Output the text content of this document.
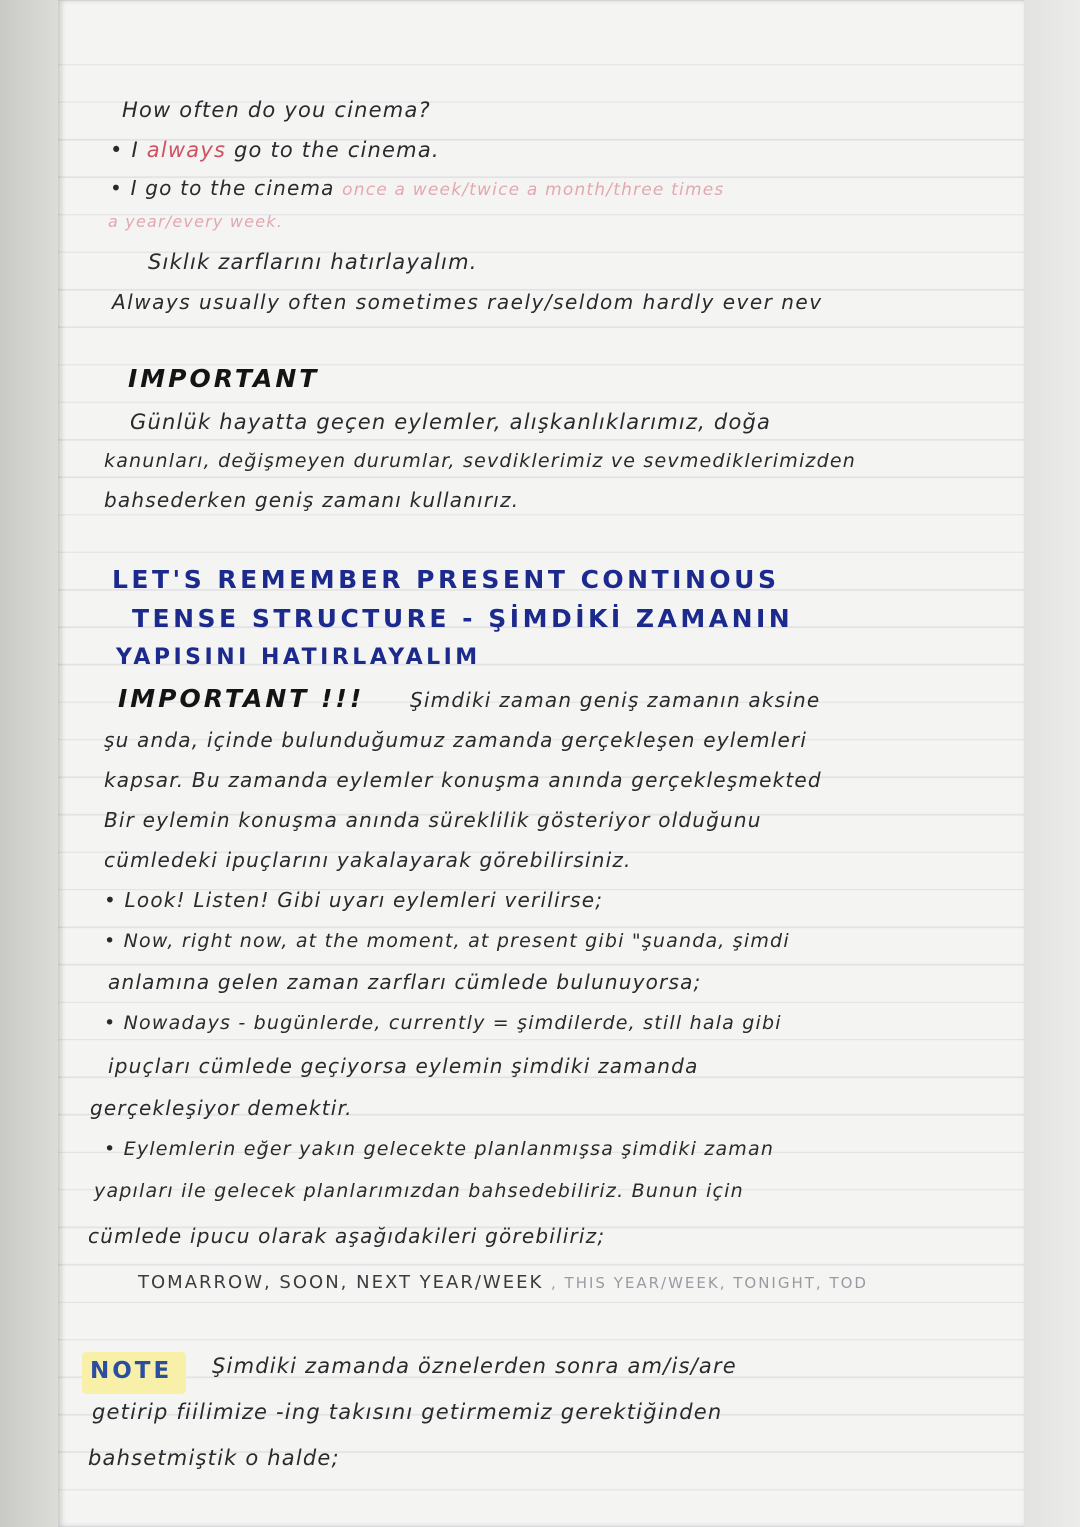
How often do you cinema?
• I always go to the cinema.
• I go to the cinema once a week/twice a month/three times
a year/every week.
Sıklık zarflarını hatırlayalım.
Always usually often sometimes raely/seldom hardly ever nev
IMPORTANT
Günlük hayatta geçen eylemler, alışkanlıklarımız, doğa
kanunları, değişmeyen durumlar, sevdiklerimiz ve sevmediklerimizden
bahsederken geniş zamanı kullanırız.
LET'S REMEMBER PRESENT CONTINOUS
TENSE STRUCTURE - ŞİMDİKİ ZAMANIN
YAPISINI HATIRLAYALIM
IMPORTANT !!! Şimdiki zaman geniş zamanın aksine
şu anda, içinde bulunduğumuz zamanda gerçekleşen eylemleri
kapsar. Bu zamanda eylemler konuşma anında gerçekleşmekted
Bir eylemin konuşma anında süreklilik gösteriyor olduğunu
cümledeki ipuçlarını yakalayarak görebilirsiniz.
• Look! Listen! Gibi uyarı eylemleri verilirse;
• Now, right now, at the moment, at present gibi "şuanda, şimdi
anlamına gelen zaman zarfları cümlede bulunuyorsa;
• Nowadays - bugünlerde, currently = şimdilerde, still hala gibi
ipuçları cümlede geçiyorsa eylemin şimdiki zamanda
gerçekleşiyor demektir.
• Eylemlerin eğer yakın gelecekte planlanmışsa şimdiki zaman
yapıları ile gelecek planlarımızdan bahsedebiliriz. Bunun için
cümlede ipucu olarak aşağıdakileri görebiliriz;
TOMARROW, SOON, NEXT YEAR/WEEK , THIS YEAR/WEEK, TONIGHT, TOD
NOTE Şimdiki zamanda öznelerden sonra am/is/are
getirip fiilimize -ing takısını getirmemiz gerektiğinden
bahsetmiştik o halde;
